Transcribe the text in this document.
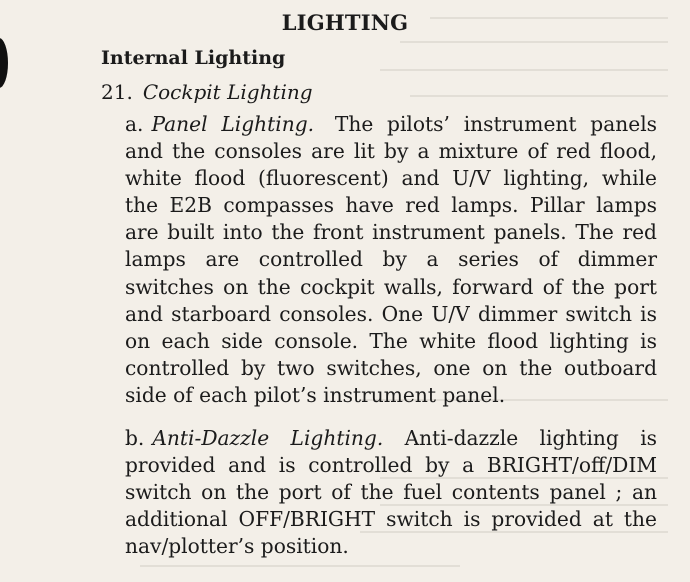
LIGHTING
Internal Lighting
21. Cockpit Lighting
a. Panel Lighting. The pilots’ instrument panels and the consoles are lit by a mixture of red flood, white flood (fluorescent) and U/V lighting, while the E2B compasses have red lamps. Pillar lamps are built into the front instrument panels. The red lamps are controlled by a series of dimmer switches on the cockpit walls, forward of the port and starboard consoles. One U/V dimmer switch is on each side console. The white flood lighting is controlled by two switches, one on the outboard side of each pilot’s instrument panel.
b. Anti-Dazzle Lighting. Anti-dazzle lighting is provided and is controlled by a BRIGHT/off/DIM switch on the port of the fuel contents panel ; an additional OFF/BRIGHT switch is provided at the nav/plotter’s position.
